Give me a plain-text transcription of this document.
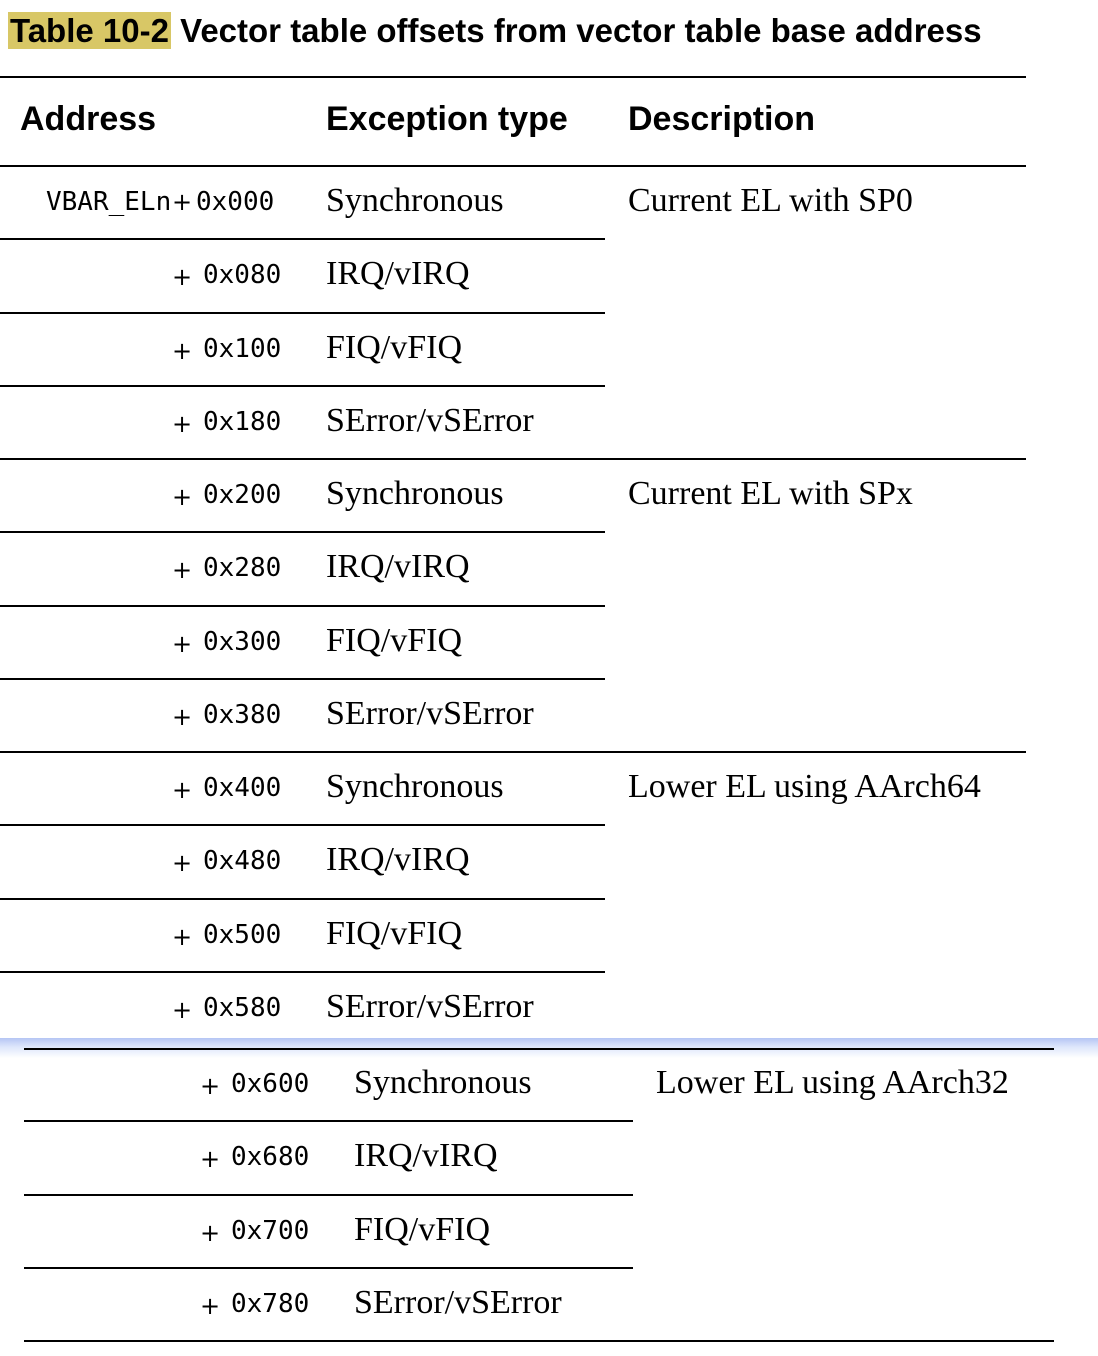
Table 10-2 Vector table offsets from vector table base address
Address	Exception type Description
Current EL with SP0
VBAR_ELn + 0x000 Synchronous
+ 0x080 IRQ/vIRQ
+ 0x100 FIQ/vFIQ
+ 0x180 SError/vSError
Current EL with SPx
+ 0x200 Synchronous
+ 0x280 IRQ/vIRQ
+ 0x300 FIQ/vFIQ
+ 0x380 SError/vSError
Lower EL using AArch64
+ 0x400 Synchronous
+ 0x480 IRQ/vIRQ
+ 0x500 FIQ/vFIQ
+ 0x580 SError/vSError
Lower EL using AArch32
+ 0x600 Synchronous
+ 0x680 IRQ/vIRQ
+ 0x700 FIQ/vFIQ
+ 0x780 SError/vSError
